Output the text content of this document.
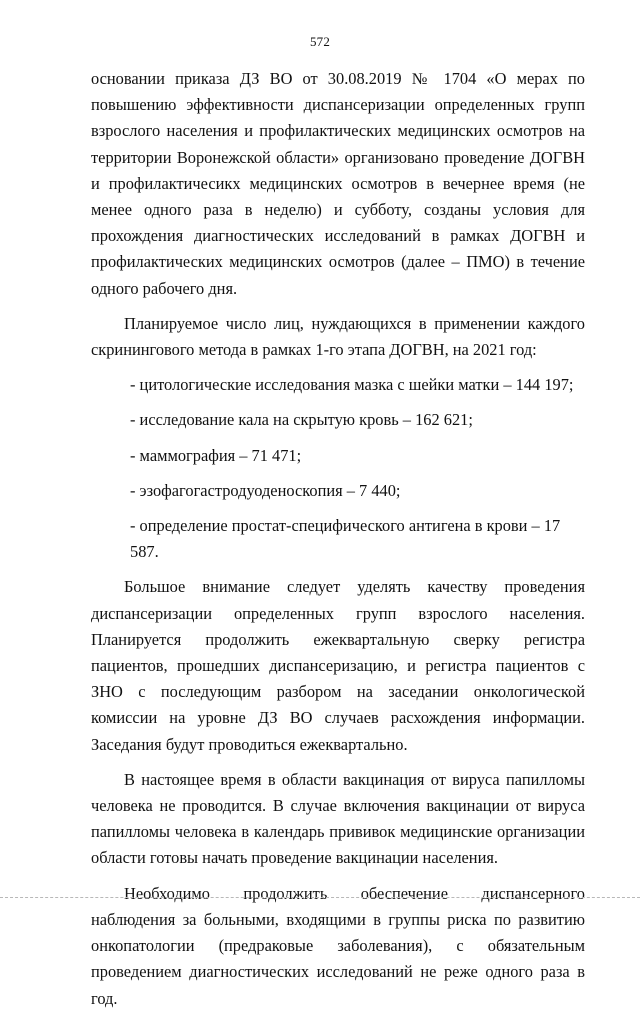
572

основании приказа ДЗ ВО от 30.08.2019 № 1704 «О мерах по повышению эффективности диспансеризации определенных групп взрослого населения и профилактических медицинских осмотров на территории Воронежской области» организовано проведение ДОГВН и профилактичесикх медицинских осмотров в вечернее время (не менее одного раза в неделю) и субботу, созданы условия для прохождения диагностических исследований в рамках ДОГВН и профилактических медицинских осмотров (далее – ПМО) в течение одного рабочего дня.

Планируемое число лиц, нуждающихся в применении каждого скринингового метода в рамках 1-го этапа ДОГВН, на 2021 год:

- цитологические исследования мазка с шейки матки – 144 197;
- исследование кала на скрытую кровь – 162 621;
- маммография – 71 471;
- эзофагогастродуоденоскопия – 7 440;
- определение простат-специфического антигена в крови – 17 587.

Большое внимание следует уделять качеству проведения диспансеризации определенных групп взрослого населения. Планируется продолжить ежеквартальную сверку регистра пациентов, прошедших диспансеризацию, и регистра пациентов с ЗНО с последующим разбором на заседании онкологической комиссии на уровне ДЗ ВО случаев расхождения информации. Заседания будут проводиться ежеквартально.

В настоящее время в области вакцинация от вируса папилломы человека не проводится. В случае включения вакцинации от вируса папилломы человека в календарь прививок медицинские организации области готовы начать проведение вакцинации населения.

Необходимо продолжить обеспечение диспансерного наблюдения за больными, входящими в группы риска по развитию онкопатологии (предраковые заболевания), с обязательным проведением диагностических исследований не реже одного раза в год.
